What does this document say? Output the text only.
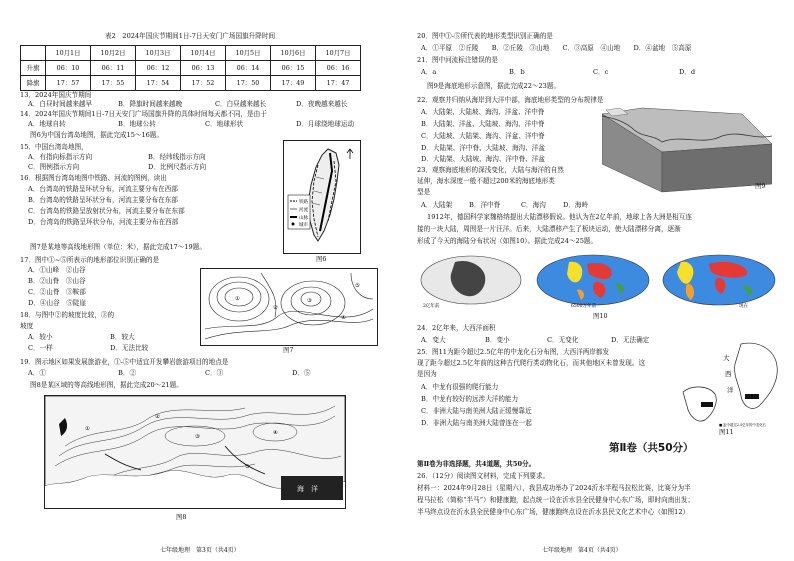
表2　2024年国庆节期间1日-7日天安门广场国旗升降时间
	10月1日	10月2日	10月3日	10月4日	10月5日	10月6日	10月7日
升旗	06：10	06：11	06：12	06：13	06：14	06：15	06：16
降旗	17：57	17：55	17：54	17：52	17：50	17：49	17：47
13．2024年国庆节期间
A．白昼时间越来越早	B．降旗时间越来越晚	C．白昼越来越长	D．夜晚越来越长
14．2024年国庆节期间1日-7日天安门广场国旗升降的具体时间每天都不同，是由于
A．地球自转	B．地球公转	C．地球形状	D．月球绕地球运动
图6为中国台湾岛地图，据此完成15～16题。
15．中国台湾岛地图，
A．有指向标指示方向	B．经纬线指示方向
C．图例指示方向	D．比例尺指示方向
16．根据图台湾岛地图中铁路、河流的图例，读出
A．台湾岛的铁路呈环状分布，河流主要分布在西部
B．台湾岛的铁路呈环状分布，河流主要分布在东部
C．台湾岛的铁路呈放射状分布，河流主要分布在东部
D．台湾岛的铁路呈环状分布，河流主要分布在西部
铁路
河流
山脉
城市
图6
图7是某地等高线地形图（单位：米），据此完成17～19题。
17．图中①~⑤所表示的地形部位识别正确的是
A．①山峰　②山谷
B．②山脊　③山谷
C．②山脊　③鞍部
D．④山谷　⑤陡崖
18．与图中②的坡度比较，③的
坡度
A．较小	B．较大
C．一样	D．无法比较
①
②
③
④
⑤
图7
19．图示地区如果发展旅游业，①-⑤中适宜开发攀岩旅游项目的地点是
A．①	B．②	C．③	D．⑤
图8是某区域的等高线地形图，据此完成20～21题。
海　洋
①
②
③
④
⑤
图8
七年级地理　第3页（共4页）
20．图中①-⑤所代表的地形类型识别正确的是
A．①平原　②丘陵　　B．②丘陵　③山地　　C．③高原　④山地　　D．④盆地　⑤高原
21．图中河流标注错误的是
A．a	B．b	C．c	D．d
图9是海底地形示意图，据此完成22～23题。
22．观察并归纳从海岸到大洋中部，海底地形类型的分布规律是
A．大陆架、大陆坡、海沟、洋盆、洋中脊
B．大陆架、洋盆、大陆坡、海沟、洋中脊
C．大陆坡、大陆架、海沟、洋盆、洋中脊
D．大陆架、洋中脊、大陆坡、海沟、洋盆
D．大陆架、大陆坡、海沟、洋中脊、洋盆
23．观察海底地形的深浅变化，大陆与海洋的自然
延伸，海水深度一般不超过200米的海底地形类
型是
A．大陆架	B．洋中脊	C．海沟	D．海岭
图9
1912年，德国科学家魏格纳提出大陆漂移假说。他认为在2亿年前，地球上各大洲是相互连
接的一块大陆，周围是一片汪洋。后来，大陆漂移产生了板块运动，使大陆漂移分离，逐渐
形成了今天的海陆分布状况（如图10）。据此完成24～25题。
2亿年前	6500万年前	现在
图10
24．2亿年来，大西洋面积
A．变大	B．变小	C．无变化	D．无法确定
25．图11为距今超过2.5亿年的中龙化石分布图，大西洋两岸都发
现了距今超过2.5亿年前的这种古代爬行类动物化石，而其他地区未曾发现。这
是因为
A．中龙有很强的爬行能力
B．中龙有较好的远涉大洋的能力
C．非洲大陆与南美洲大陆正缓慢靠近
D．非洲大陆与南美洲大陆曾连在一起
大
西
洋
■ 距今超过2.5亿年的中龙化石
图11
第Ⅱ卷（共50分）
第Ⅱ卷为非选择题，共4道题，共50分。
26．（12分）阅读图文材料，完成下列要求。
材料一：2024年9月28日（星期六），我县成功举办了2024沂水半程马拉松比赛，比赛分为半
程马拉松（简称“半马”）和健康跑，起点统一设在沂水县全民健身中心东广场，即时向南出发；
半马终点设在沂水县全民健身中心东广场，健康跑终点设在沂水县民文化艺术中心（如图12）
七年级地理　第4页（共4页）
